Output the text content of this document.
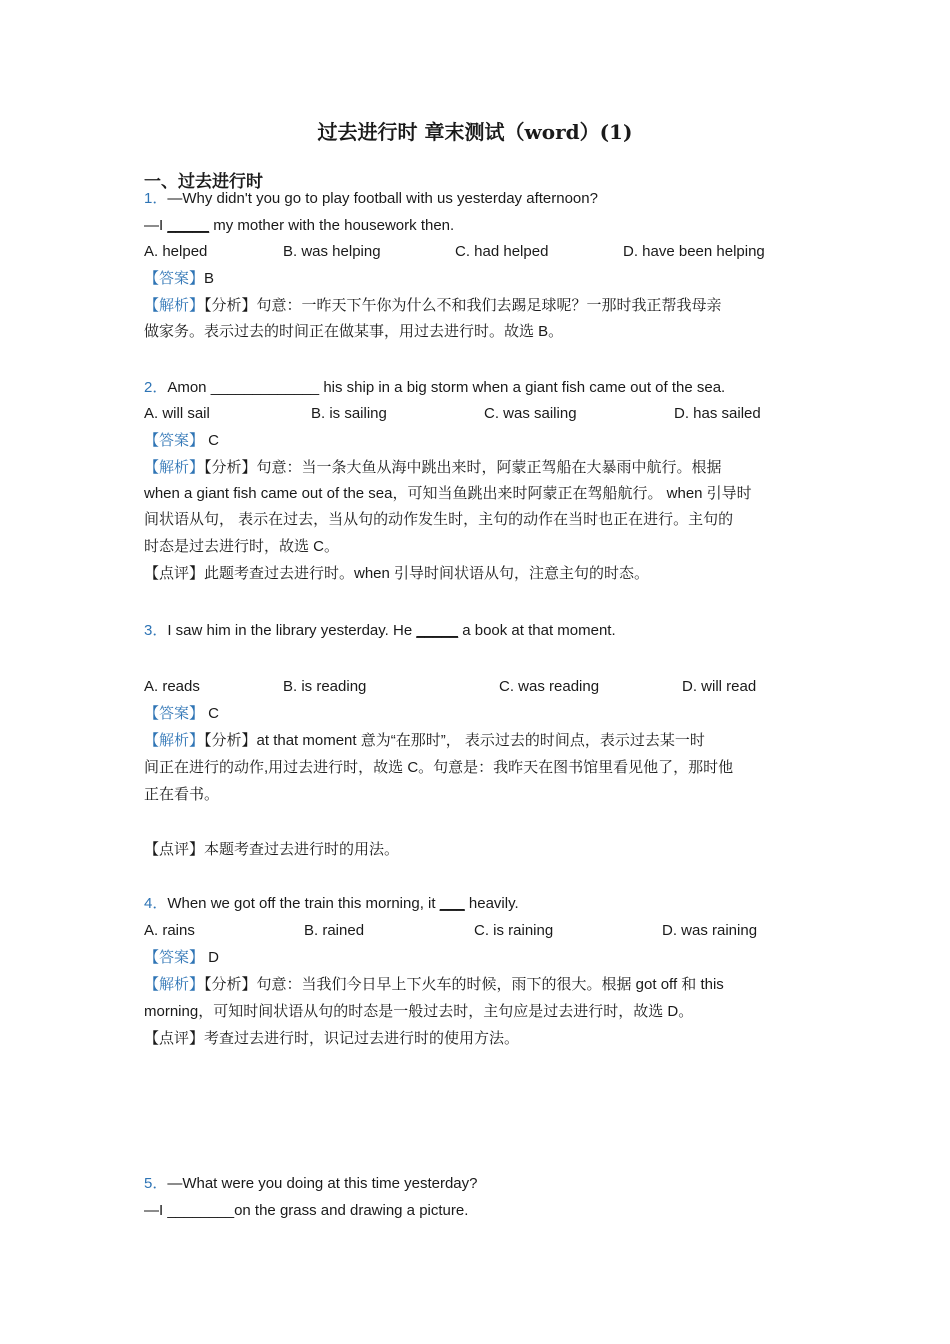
过去进行时 章末测试（word）(1)
一、过去进行时
1．—Why didn't you go to play football with us yesterday afternoon?
—I _____ my mother with the housework then.
A. helped	B. was helping	C. had helped	D. have been helping
【答案】B
【解析】【分析】句意：一昨天下午你为什么不和我们去踢足球呢？一那时我正帮我母亲
做家务。表示过去的时间正在做某事，用过去进行时。故选 B。
2．Amon _____________ his ship in a big storm when a giant fish came out of the sea.
A. will sail	B. is sailing	C. was sailing	D. has sailed
【答案】 C
【解析】【分析】句意：当一条大鱼从海中跳出来时，阿蒙正驾船在大暴雨中航行。根据
when a giant fish came out of the sea，可知当鱼跳出来时阿蒙正在驾船航行。 when 引导时
间状语从句， 表示在过去，当从句的动作发生时，主句的动作在当时也正在进行。主句的
时态是过去进行时，故选 C。
【点评】此题考查过去进行时。when 引导时间状语从句，注意主句的时态。
3．I saw him in the library yesterday. He _____ a book at that moment.
A. reads	B. is reading	C. was reading	D. will read
【答案】 C
【解析】【分析】at that moment 意为“在那时”， 表示过去的时间点，表示过去某一时
间正在进行的动作,用过去进行时，故选 C。句意是：我昨天在图书馆里看见他了，那时他
正在看书。
【点评】本题考查过去进行时的用法。
4．When we got off the train this morning, it ___ heavily.
A. rains	B. rained	C. is raining	D. was raining
【答案】 D
【解析】【分析】句意：当我们今日早上下火车的时候，雨下的很大。根据 got off 和 this
morning，可知时间状语从句的时态是一般过去时，主句应是过去进行时，故选 D。
【点评】考查过去进行时，识记过去进行时的使用方法。
5．—What were you doing at this time yesterday?
—I ________on the grass and drawing a picture.
